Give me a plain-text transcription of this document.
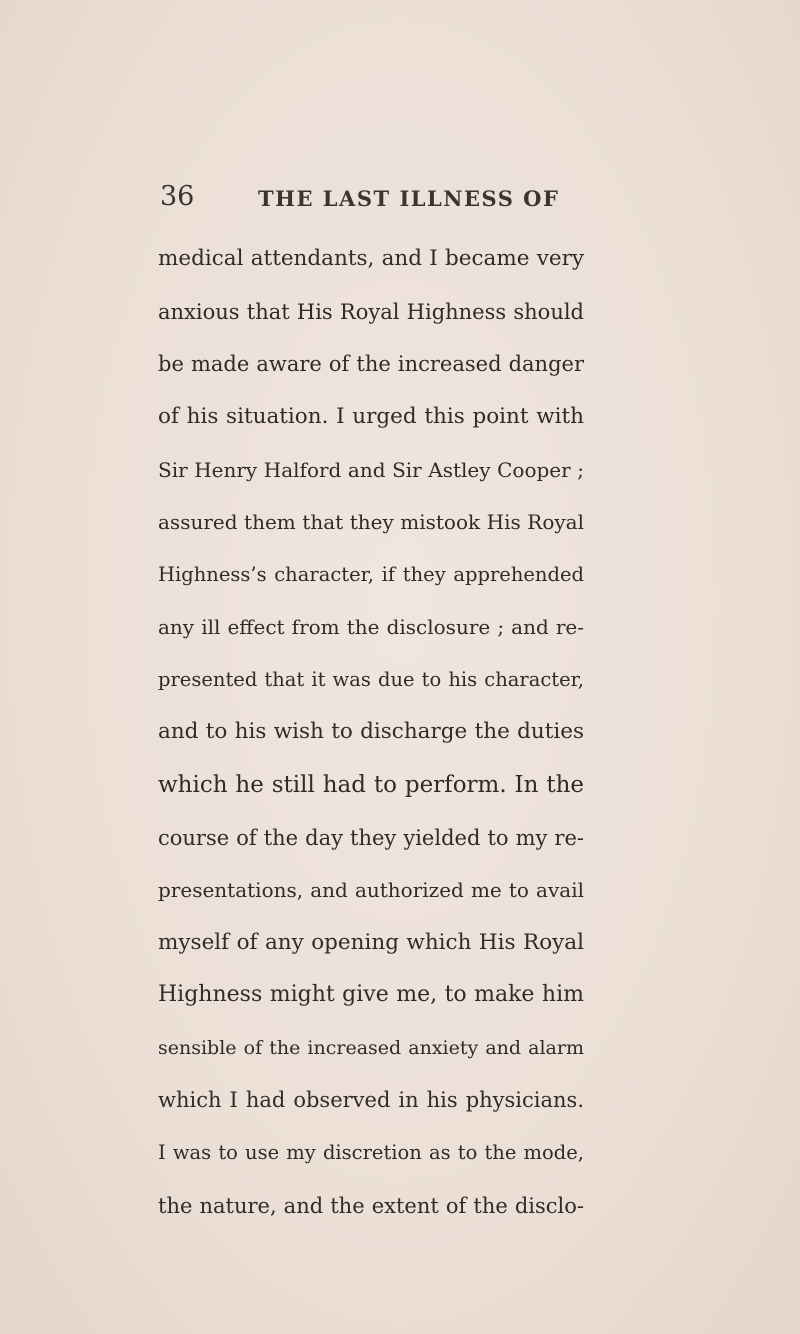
36	THE LAST ILLNESS OF
medical attendants, and I became very
anxious that His Royal Highness should
be made aware of the increased danger
of his situation. I urged this point with
Sir Henry Halford and Sir Astley Cooper ;
assured them that they mistook His Royal
Highness’s character, if they apprehended
any ill effect from the disclosure ; and re-
presented that it was due to his character,
and to his wish to discharge the duties
which he still had to perform. In the
course of the day they yielded to my re-
presentations, and authorized me to avail
myself of any opening which His Royal
Highness might give me, to make him
sensible of the increased anxiety and alarm
which I had observed in his physicians.
I was to use my discretion as to the mode,
the nature, and the extent of the disclo-
